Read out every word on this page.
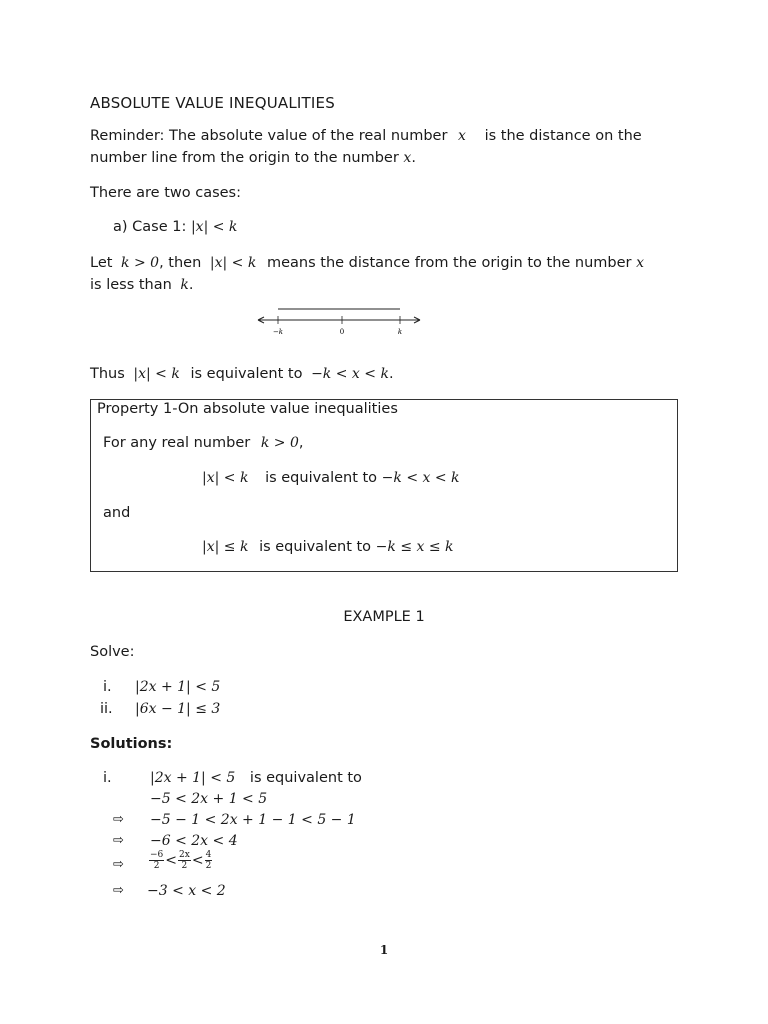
ABSOLUTE VALUE INEQUALITIES
Reminder: The absolute value of the real number x is the distance on the
number line from the origin to the number x.
There are two cases:
a) Case 1: |x| < k
Let k > 0, then |x| < k means the distance from the origin to the number x
is less than k.
−k	0	k
Thus |x| < k is equivalent to −k < x < k.
Property 1-On absolute value inequalities
For any real number k > 0,
|x| < k is equivalent to −k < x < k
and
|x| ≤ k is equivalent to −k ≤ x ≤ k
EXAMPLE 1
Solve:
i. |2x + 1| < 5
ii. |6x − 1| ≤ 3
Solutions:
i.	|2x + 1| < 5 is equivalent to
−5 < 2x + 1 < 5
⇨ −5 − 1 < 2x + 1 − 1 < 5 − 1
⇨ −6 < 2x < 4
⇨	$\frac{-6}{2} < \frac{2x}{2} < \frac{4}{2}$
⇨ −3 < x < 2
1
